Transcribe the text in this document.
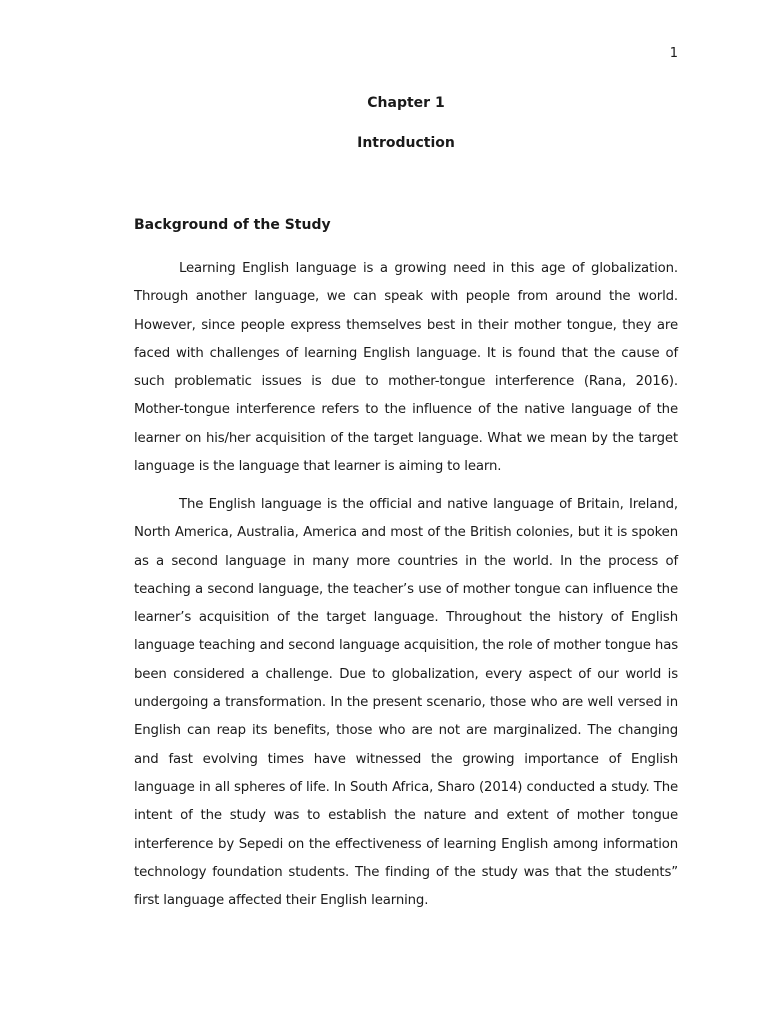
1
Chapter 1
Introduction
Background of the Study

Learning English language is a growing need in this age of globalization. Through another language, we can speak with people from around the world. However, since people express themselves best in their mother tongue, they are faced with challenges of learning English language. It is found that the cause of such problematic issues is due to mother-tongue interference (Rana, 2016). Mother-tongue interference refers to the influence of the native language of the learner on his/her acquisition of the target language. What we mean by the target language is the language that learner is aiming to learn.

The English language is the official and native language of Britain, Ireland, North America, Australia, America and most of the British colonies, but it is spoken as a second language in many more countries in the world. In the process of teaching a second language, the teacher’s use of mother tongue can influence the learner’s acquisition of the target language. Throughout the history of English language teaching and second language acquisition, the role of mother tongue has been considered a challenge. Due to globalization, every aspect of our world is undergoing a transformation. In the present scenario, those who are well versed in English can reap its benefits, those who are not are marginalized. The changing and fast evolving times have witnessed the growing importance of English language in all spheres of life. In South Africa, Sharo (2014) conducted a study. The intent of the study was to establish the nature and extent of mother tongue interference by Sepedi on the effectiveness of learning English among information technology foundation students. The finding of the study was that the students” first language affected their English learning.
